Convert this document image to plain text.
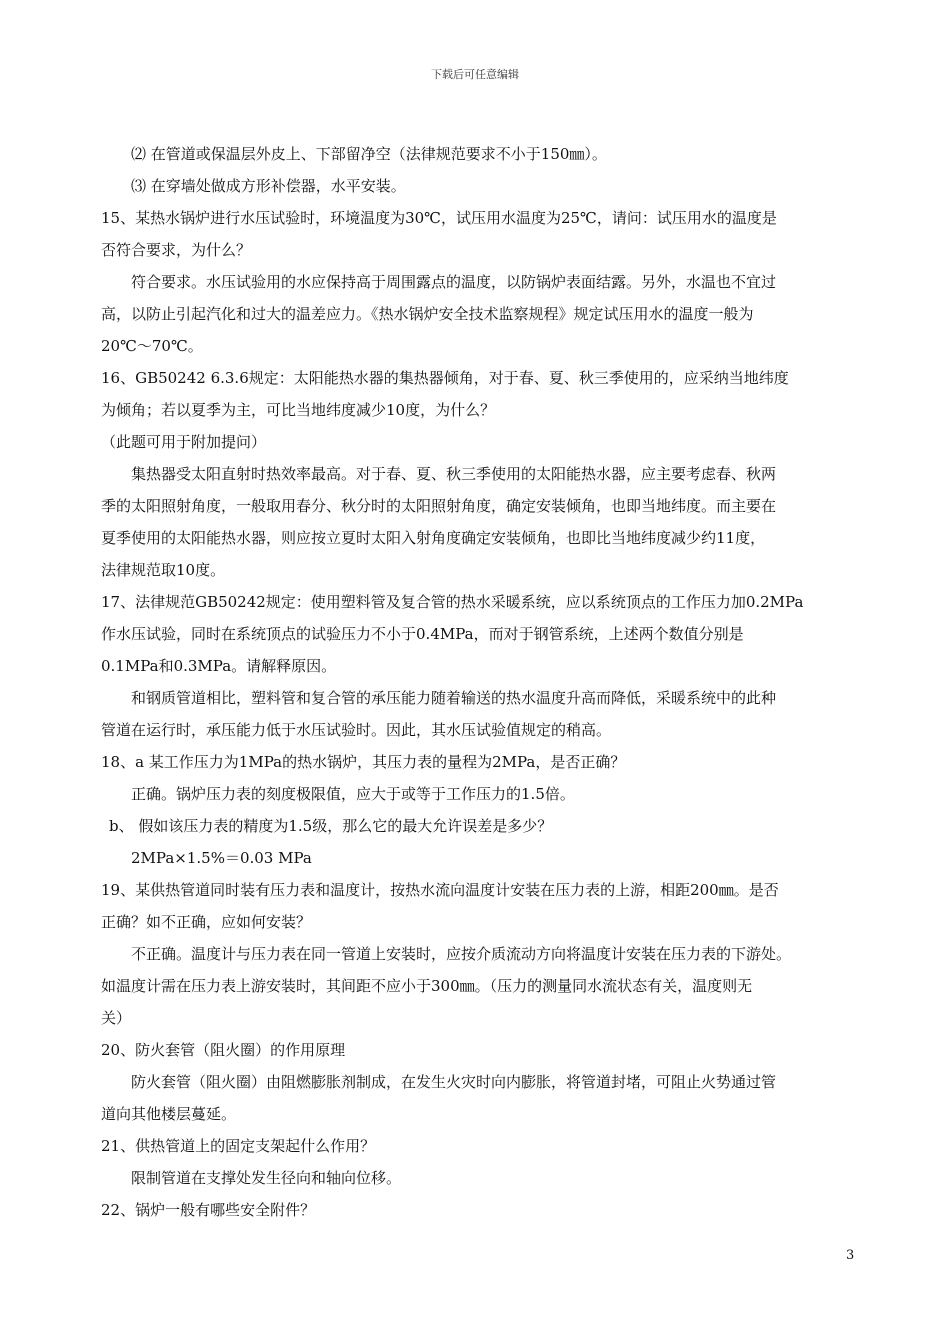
下载后可任意编辑
⑵ 在管道或保温层外皮上、下部留净空（法律规范要求不小于150㎜）。
⑶ 在穿墙处做成方形补偿器，水平安装。
15、某热水锅炉进行水压试验时，环境温度为30℃，试压用水温度为25℃，请问：试压用水的温度是
否符合要求，为什么？
符合要求。水压试验用的水应保持高于周围露点的温度，以防锅炉表面结露。另外，水温也不宜过
高，以防止引起汽化和过大的温差应力。《热水锅炉安全技术监察规程》规定试压用水的温度一般为
20℃～70℃。
16、GB50242 6.3.6规定：太阳能热水器的集热器倾角，对于春、夏、秋三季使用的，应采纳当地纬度
为倾角；若以夏季为主，可比当地纬度减少10度，为什么？
（此题可用于附加提问）
集热器受太阳直射时热效率最高。对于春、夏、秋三季使用的太阳能热水器，应主要考虑春、秋两
季的太阳照射角度，一般取用春分、秋分时的太阳照射角度，确定安装倾角，也即当地纬度。而主要在
夏季使用的太阳能热水器，则应按立夏时太阳入射角度确定安装倾角，也即比当地纬度减少约11度，
法律规范取10度。
17、法律规范GB50242规定：使用塑料管及复合管的热水采暖系统，应以系统顶点的工作压力加0.2MPa
作水压试验，同时在系统顶点的试验压力不小于0.4MPa，而对于钢管系统，上述两个数值分别是
0.1MPa和0.3MPa。请解释原因。
和钢质管道相比，塑料管和复合管的承压能力随着输送的热水温度升高而降低，采暖系统中的此种
管道在运行时，承压能力低于水压试验时。因此，其水压试验值规定的稍高。
18、a 某工作压力为1MPa的热水锅炉，其压力表的量程为2MPa，是否正确？
正确。锅炉压力表的刻度极限值，应大于或等于工作压力的1.5倍。
b、 假如该压力表的精度为1.5级，那么它的最大允许误差是多少？
2MPa×1.5%＝0.03 MPa
19、某供热管道同时装有压力表和温度计，按热水流向温度计安装在压力表的上游，相距200㎜。是否
正确？如不正确，应如何安装？
不正确。温度计与压力表在同一管道上安装时，应按介质流动方向将温度计安装在压力表的下游处。
如温度计需在压力表上游安装时，其间距不应小于300㎜。（压力的测量同水流状态有关，温度则无
关）
20、防火套管（阻火圈）的作用原理
防火套管（阻火圈）由阻燃膨胀剂制成，在发生火灾时向内膨胀，将管道封堵，可阻止火势通过管
道向其他楼层蔓延。
21、供热管道上的固定支架起什么作用？
限制管道在支撑处发生径向和轴向位移。
22、锅炉一般有哪些安全附件？
3
